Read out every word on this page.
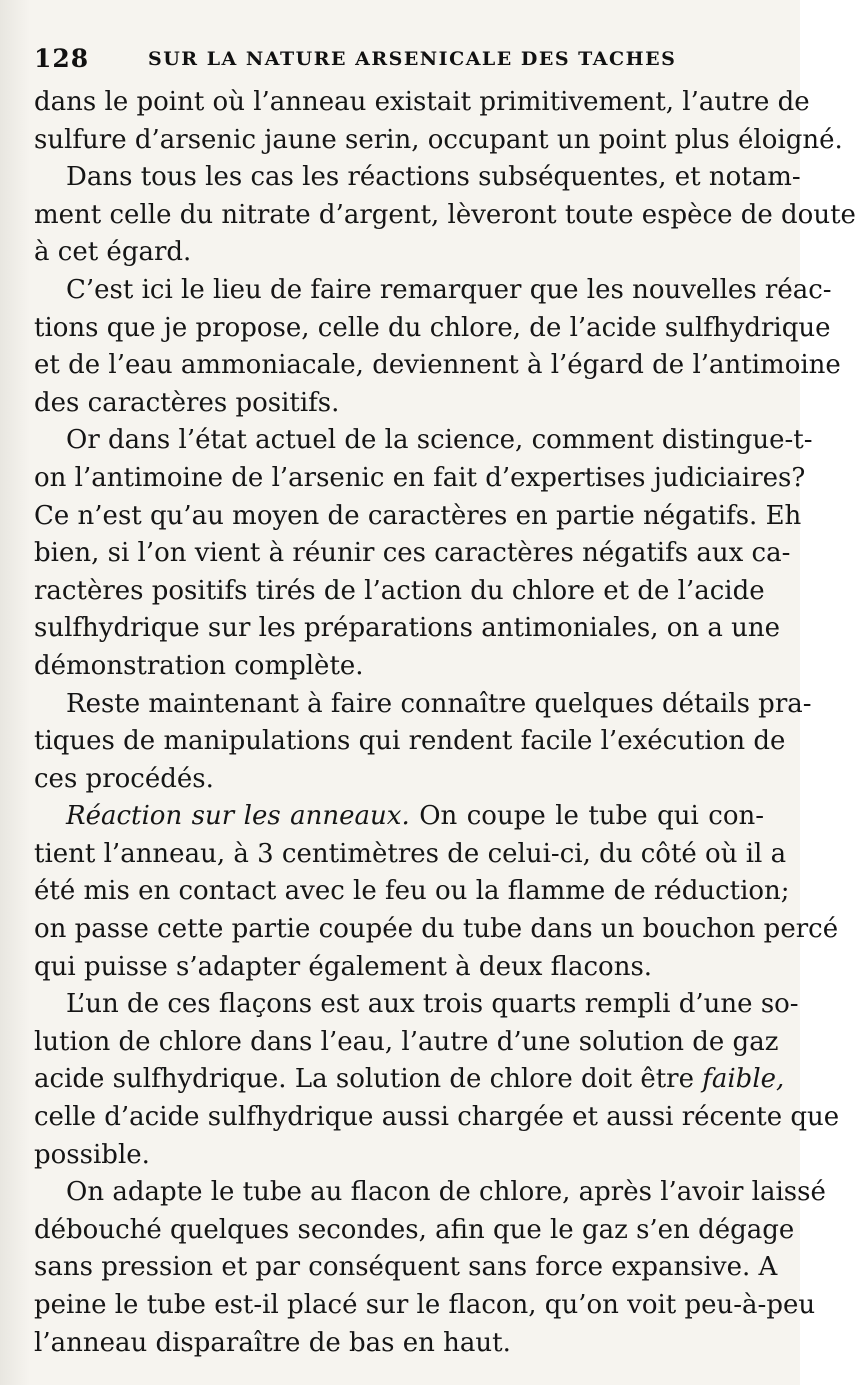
128	SUR LA NATURE ARSENICALE DES TACHES
dans le point où l’anneau existait primitivement, l’autre de
sulfure d’arsenic jaune serin, occupant un point plus éloigné.
Dans tous les cas les réactions subséquentes, et notam-
ment celle du nitrate d’argent, lèveront toute espèce de doute
à cet égard.
C’est ici le lieu de faire remarquer que les nouvelles réac-
tions que je propose, celle du chlore, de l’acide sulfhydrique
et de l’eau ammoniacale, deviennent à l’égard de l’antimoine
des caractères positifs.
Or dans l’état actuel de la science, comment distingue-t-
on l’antimoine de l’arsenic en fait d’expertises judiciaires?
Ce n’est qu’au moyen de caractères en partie négatifs. Eh
bien, si l’on vient à réunir ces caractères négatifs aux ca-
ractères positifs tirés de l’action du chlore et de l’acide
sulfhydrique sur les préparations antimoniales, on a une
démonstration complète.
Reste maintenant à faire connaître quelques détails pra-
tiques de manipulations qui rendent facile l’exécution de
ces procédés.
Réaction sur les anneaux. On coupe le tube qui con-
tient l’anneau, à 3 centimètres de celui-ci, du côté où il a
été mis en contact avec le feu ou la flamme de réduction;
on passe cette partie coupée du tube dans un bouchon percé
qui puisse s’adapter également à deux flacons.
L’un de ces flaçons est aux trois quarts rempli d’une so-
lution de chlore dans l’eau, l’autre d’une solution de gaz
acide sulfhydrique. La solution de chlore doit être faible,
celle d’acide sulfhydrique aussi chargée et aussi récente que
possible.
On adapte le tube au flacon de chlore, après l’avoir laissé
débouché quelques secondes, afin que le gaz s’en dégage
sans pression et par conséquent sans force expansive. A
peine le tube est-il placé sur le flacon, qu’on voit peu-à-peu
l’anneau disparaître de bas en haut.
